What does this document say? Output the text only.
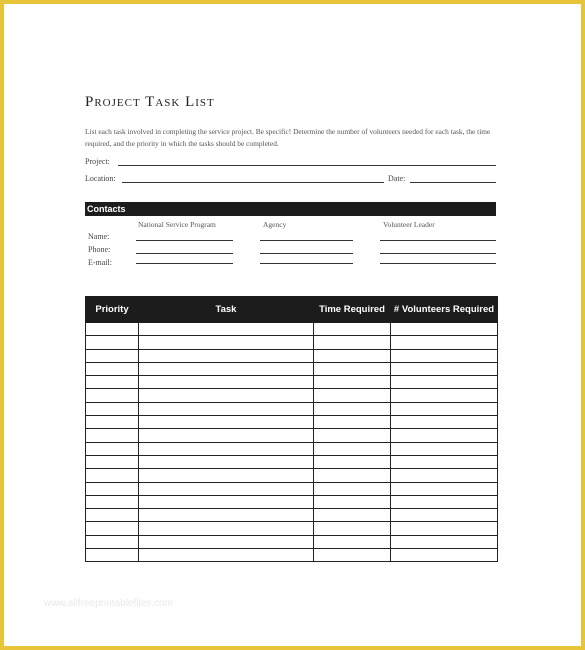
Project Task List
List each task involved in completing the service project. Be specific! Determine the number of volunteers needed for each task, the time required, and the priority in which the tasks should be completed.
Project:
Location:	Date:
Contacts
National Service Program	Agency	Volunteer Leader
Name:
Phone:
E-mail:
Priority	Task	Time Required	# Volunteers Required

www.allfreeprintablefiles.com
